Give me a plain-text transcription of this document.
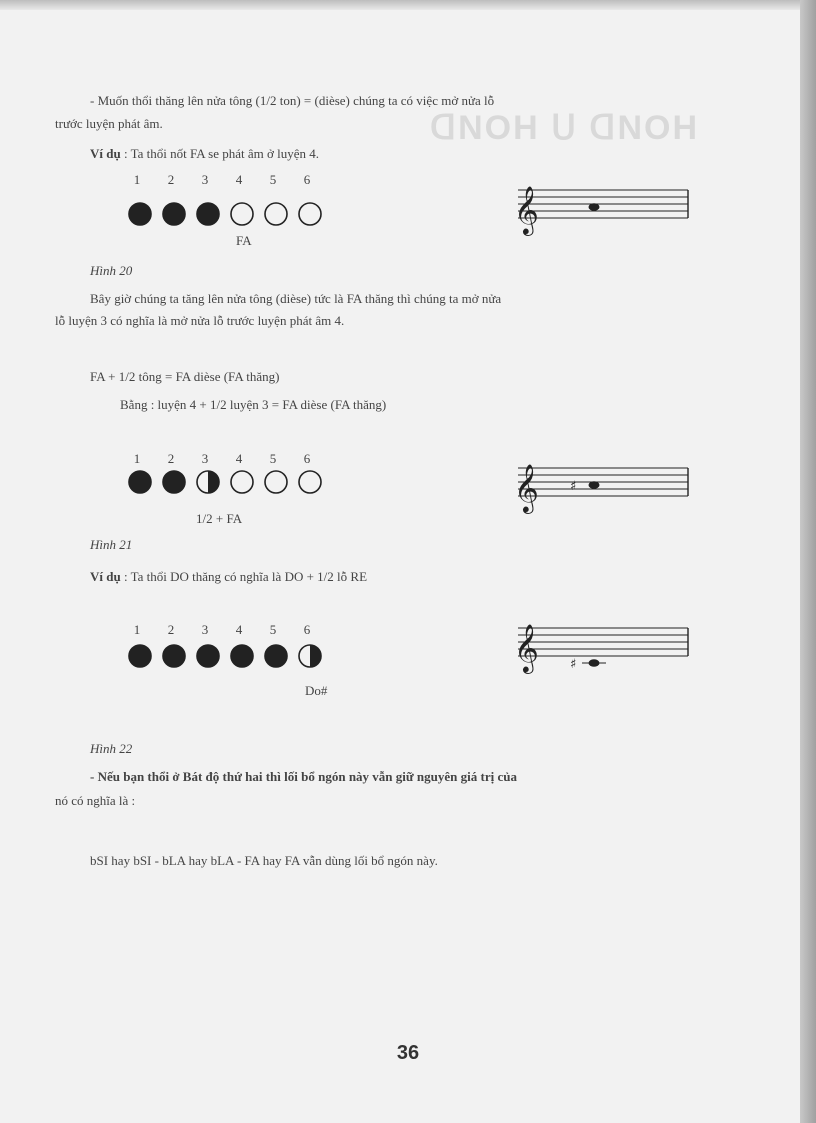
ᗡNOH ᑌ ᗡNOH
- Muốn thổi thăng lên nửa tông (1/2 ton) = (dièse) chúng ta có việc mở nửa lỗ
trước luyện phát âm.
Ví dụ : Ta thổi nốt FA se phát âm ở luyện 4.
1 2 3 4 5 6
FA
𝄞
Hình 20
Bây giờ chúng ta tăng lên nửa tông (dièse) tức là FA thăng thì chúng ta mở nửa
lỗ luyện 3 có nghĩa là mở nửa lỗ trước luyện phát âm 4.
FA + 1/2 tông = FA dièse (FA thăng)
Bằng : luyện 4 + 1/2 luyện 3 = FA dièse (FA thăng)
1 2 3 4 5 6
1/2 + FA
𝄞 ♯
Hình 21
Ví dụ : Ta thổi DO thăng có nghĩa là DO + 1/2 lỗ RE
1 2 3 4 5 6
Do#
𝄞 ♯
Hình 22
- Nếu bạn thổi ở Bát độ thứ hai thì lối bổ ngón này vẫn giữ nguyên giá trị của
nó có nghĩa là :
bSI hay bSI - bLA hay bLA - FA hay FA vẫn dùng lối bổ ngón này.
36
